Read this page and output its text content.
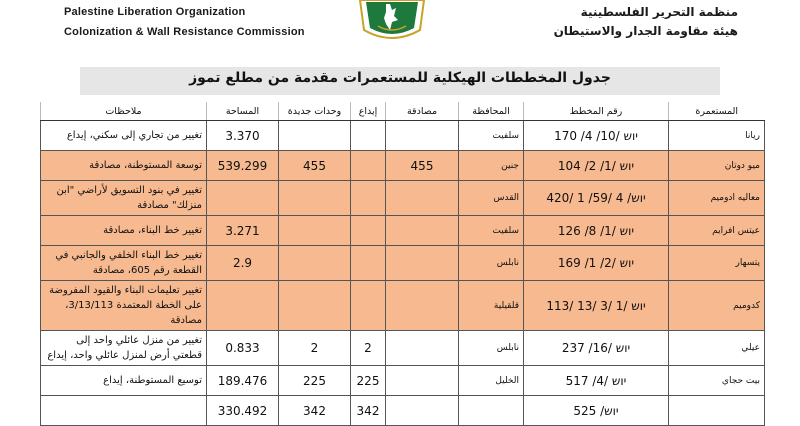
Palestine Liberation Organization
Colonization & Wall Resistance Commission
منظمة التحرير الفلسطينية
هيئة مقاومة الجدار والاستيطان
جدول المخططات الهيكلية للمستعمرات مقدمة من مطلع تموز
المستعمرة	رقم المخطط	المحافظة	مصادقة	إيداع	وحدات جديدة	المساحة	ملاحظات
ريانا	170 /4 /10/ יוש	سلفيت				3.370	تغيير من تجاري إلى سكني، إيداع
ميو دوتان	104 /2 /1/ יוש	جنين	455		455	539.299	توسعة المستوطنة، مصادقة
معاليه ادوميم	420/ 1 /59/ 4 /יוש	القدس					تغيير في بنود التسويق لأراضي "ابن منزلك" مصادقة
عيتس افرايم	126 /8 /1/ יוש	سلفيت				3.271	تغيير خط البناء، مصادقة
يتسهار	169 /1 /2/ יוש	نابلس				2.9	تغيير خط البناء الخلفي والجانبي في القطعة رقم 605، مصادقة
كدوميم	113/ 13/ 3/ 1/ יוש	قلقيلية					تغيير تعليمات البناء والقيود المفروضة على الخطة المعتمدة 3/13/113، مصادقة
عيلي	237 /16/ יוש	نابلس		2	2	0.833	تغيير من منزل عائلي واحد إلى قطعتي أرض لمنزل عائلي واحد، إيداع
بيت حجاي	517 /4/ יוש	الخليل		225	225	189.476	توسيع المستوطنة، إيداع
	525 /יוש			342	342	330.492	
